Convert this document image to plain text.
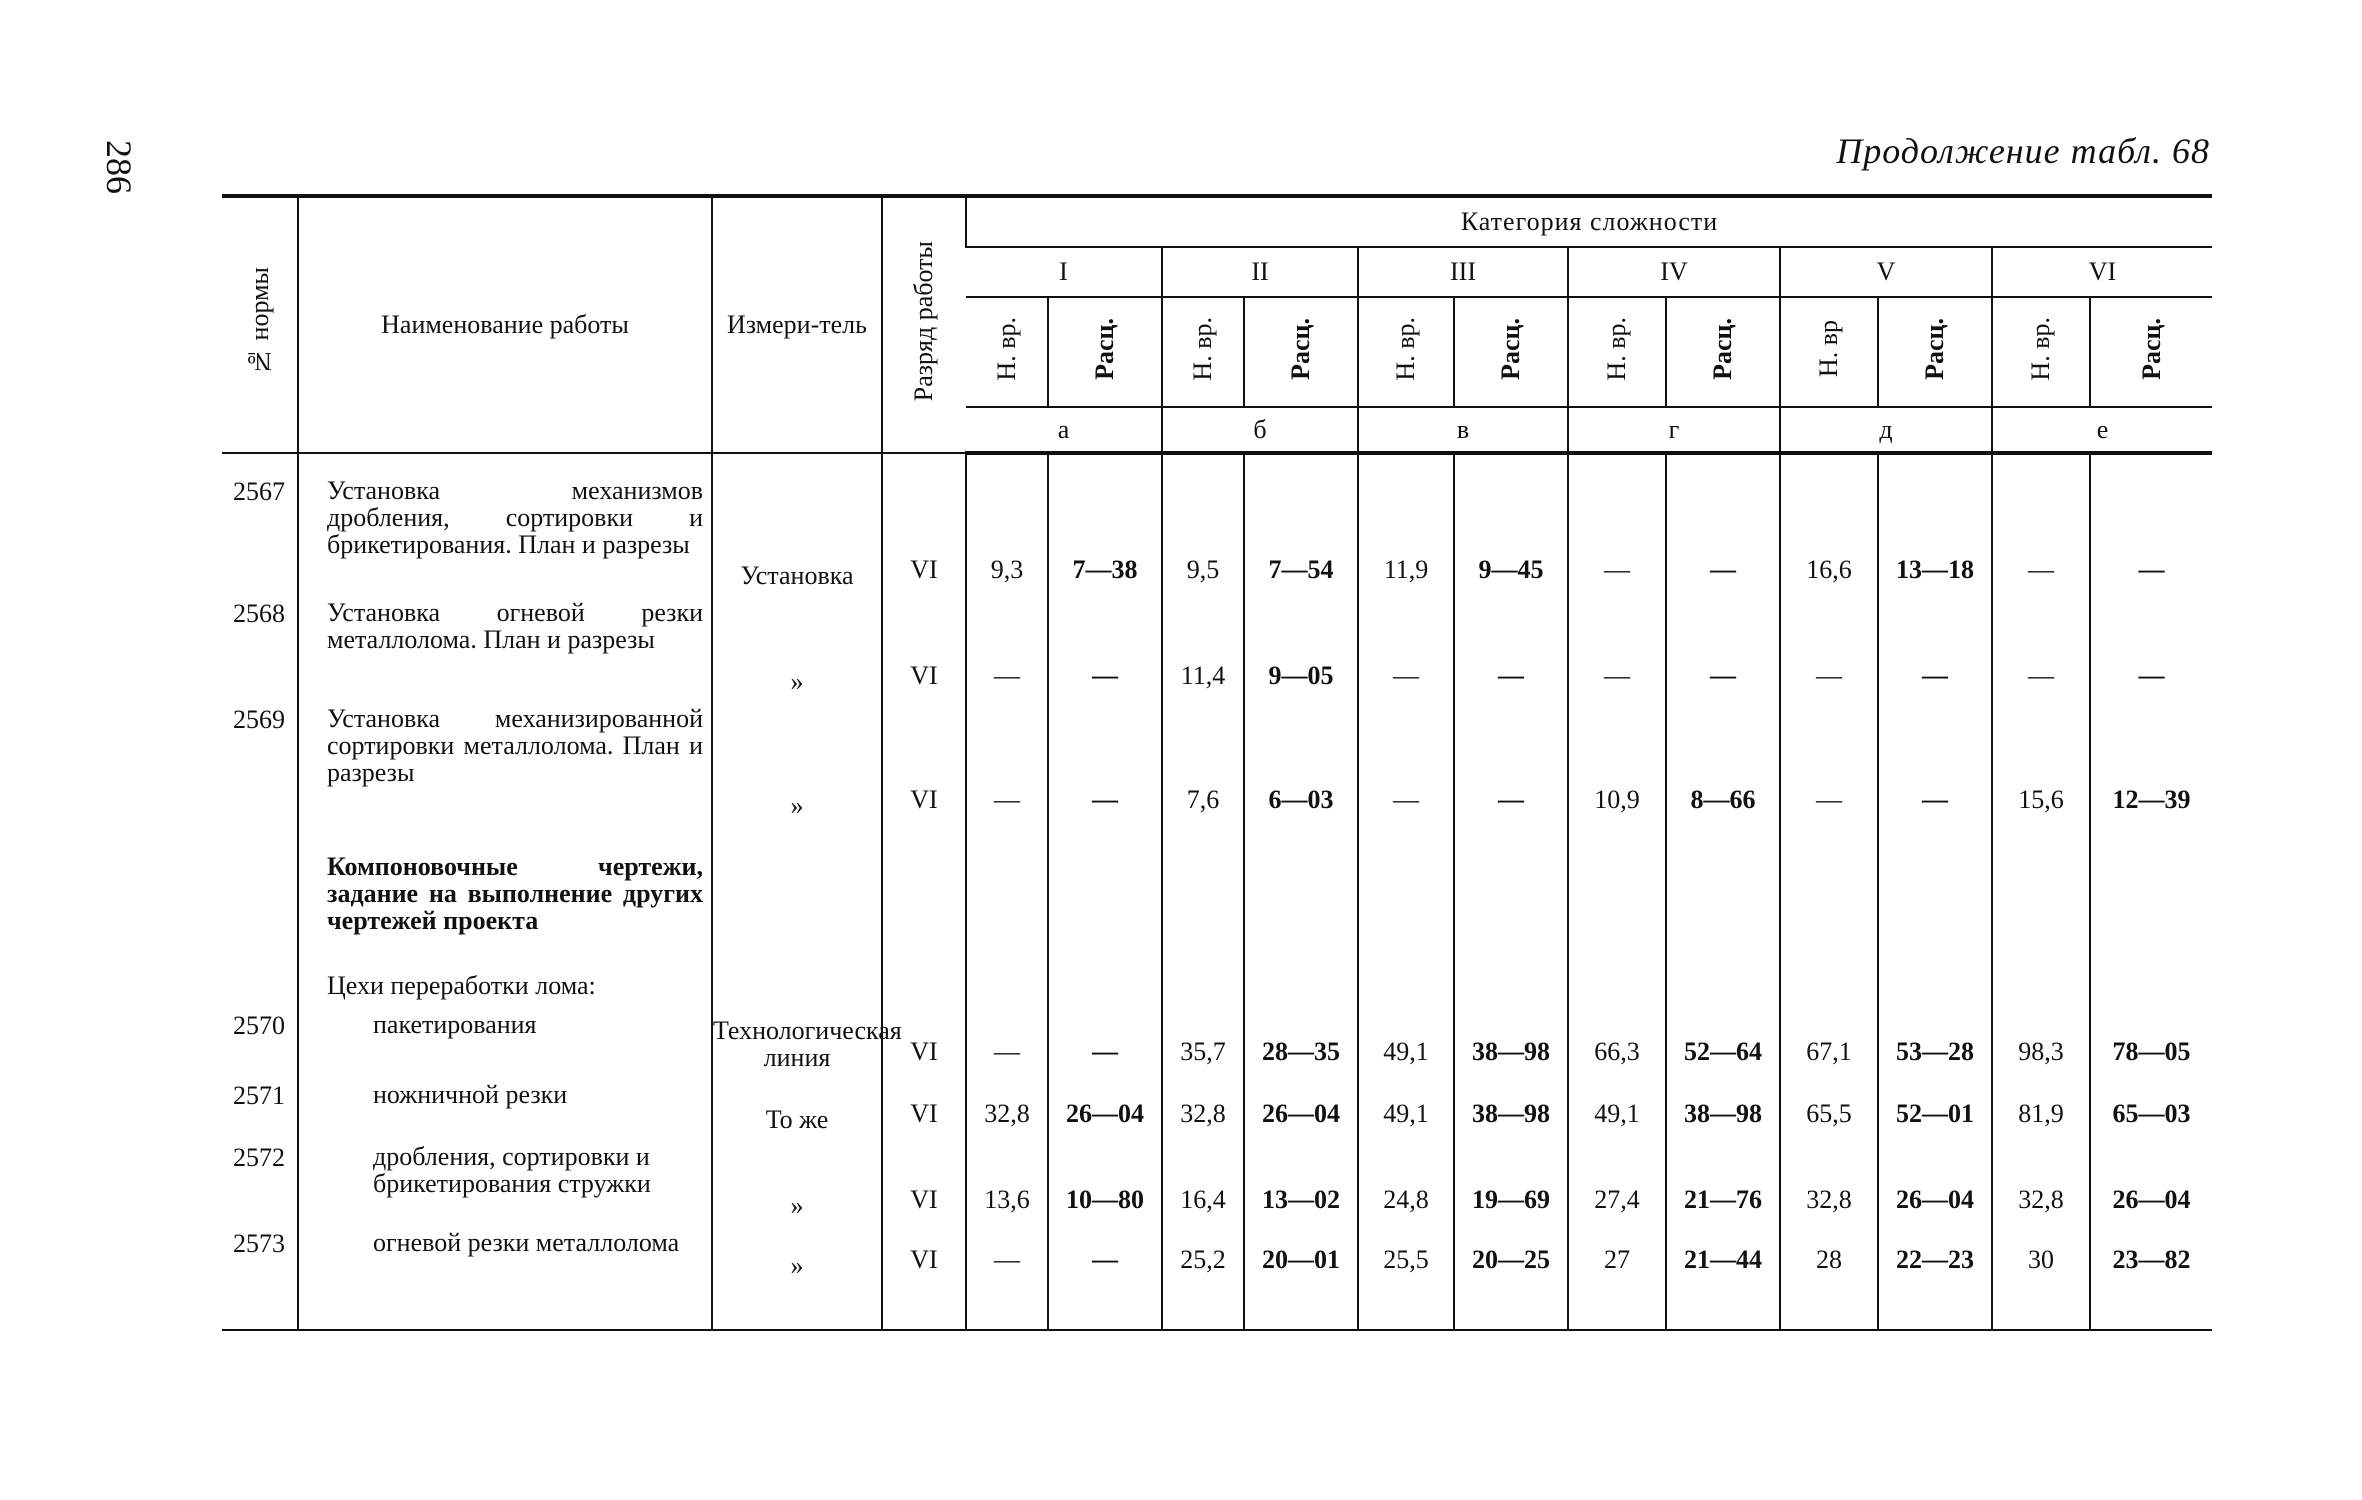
286	Продолжение табл. 68
№ нормы	Наименование работы	Измери-тель	Разряд работы	Категория сложности											
				I		II		III		IV		V		VI	
				Н. вр.	Расц.	Н. вр.	Расц.	Н. вр.	Расц.	Н. вр.	Расц.	Н. вр	Расц.	Н. вр.	Расц.
				а		б		в		г		д		е	

2567	Установка механизмов дробления, сортировки и брикетирования. План и разрезы	Установка	VI	9,3	7—38	9,5	7—54	11,9	9—45	—	—	16,6	13—18	—	—
2568	Установка огневой резки металлолома. План и разрезы	»	VI	—	—	11,4	9—05	—	—	—	—	—	—	—	—
2569	Установка механизированной сортировки металлолома. План и разрезы	»	VI	—	—	7,6	6—03	—	—	10,9	8—66	—	—	15,6	12—39
	Компоновочные чертежи, задание на выполнение других чертежей проекта														
	Цехи переработки лома:														
2570	пакетирования	Технологическая линия	VI	—	—	35,7	28—35	49,1	38—98	66,3	52—64	67,1	53—28	98,3	78—05
2571	ножничной резки	То же	VI	32,8	26—04	32,8	26—04	49,1	38—98	49,1	38—98	65,5	52—01	81,9	65—03
2572	дробления, сортировки и брикетирования стружки	»	VI	13,6	10—80	16,4	13—02	24,8	19—69	27,4	21—76	32,8	26—04	32,8	26—04
2573	огневой резки металлолома	»	VI	—	—	25,2	20—01	25,5	20—25	27	21—44	28	22—23	30	23—82
